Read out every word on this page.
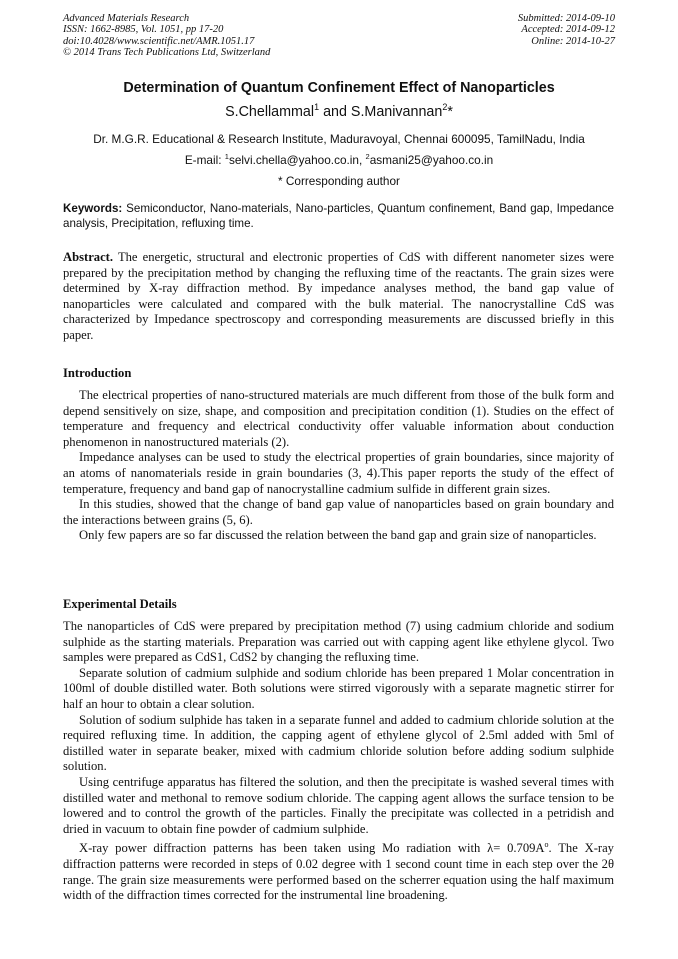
Advanced Materials Research
ISSN: 1662-8985, Vol. 1051, pp 17-20
doi:10.4028/www.scientific.net/AMR.1051.17
© 2014 Trans Tech Publications Ltd, Switzerland
Submitted: 2014-09-10
Accepted: 2014-09-12
Online: 2014-10-27
Determination of Quantum Confinement Effect of Nanoparticles
S.Chellammal$^1$ and S.Manivannan$^2$*
Dr. M.G.R. Educational & Research Institute, Maduravoyal, Chennai 600095, TamilNadu, India
E-mail: $^1$selvi.chella@yahoo.co.in, $^2$asmani25@yahoo.co.in
* Corresponding author
Keywords: Semiconductor, Nano-materials, Nano-particles, Quantum confinement, Band gap, Impedance analysis, Precipitation, refluxing time.

Abstract. The energetic, structural and electronic properties of CdS with different nanometer sizes were prepared by the precipitation method by changing the refluxing time of the reactants. The grain sizes were determined by X-ray diffraction method. By impedance analyses method, the band gap value of nanoparticles were calculated and compared with the bulk material. The nanocrystalline CdS was characterized by Impedance spectroscopy and corresponding measurements are discussed briefly in this paper.

Introduction

The electrical properties of nano-structured materials are much different from those of the bulk form and depend sensitively on size, shape, and composition and precipitation condition (1). Studies on the effect of temperature and frequency and electrical conductivity offer valuable information about conduction phenomenon in nanostructured materials (2).

Impedance analyses can be used to study the electrical properties of grain boundaries, since majority of an atoms of nanomaterials reside in grain boundaries (3, 4).This paper reports the study of the effect of temperature, frequency and band gap of nanocrystalline cadmium sulfide in different grain sizes.

In this studies, showed that the change of band gap value of nanoparticles based on grain boundary and the interactions between grains (5, 6).

Only few papers are so far discussed the relation between the band gap and grain size of nanoparticles.

Experimental Details

The nanoparticles of CdS were prepared by precipitation method (7) using cadmium chloride and sodium sulphide as the starting materials. Preparation was carried out with capping agent like ethylene glycol. Two samples were prepared as CdS1, CdS2 by changing the refluxing time.

Separate solution of cadmium sulphide and sodium chloride has been prepared 1 Molar concentration in 100ml of double distilled water. Both solutions were stirred vigorously with a separate magnetic stirrer for half an hour to obtain a clear solution.

Solution of sodium sulphide has taken in a separate funnel and added to cadmium chloride solution at the required refluxing time. In addition, the capping agent of ethylene glycol of 2.5ml added with 5ml of distilled water in separate beaker, mixed with cadmium chloride solution before adding sodium sulphide solution.

Using centrifuge apparatus has filtered the solution, and then the precipitate is washed several times with distilled water and methonal to remove sodium chloride. The capping agent allows the surface tension to be lowered and to control the growth of the particles. Finally the precipitate was collected in a petridish and dried in vacuum to obtain fine powder of cadmium sulphide.

X-ray power diffraction patterns has been taken using Mo radiation with $\lambda= 0.709A^o$. The X-ray diffraction patterns were recorded in steps of 0.02 degree with 1 second count time in each step over the 2θ range. The grain size measurements were performed based on the scherrer equation using the half maximum width of the diffraction times corrected for the instrumental line broadening.
